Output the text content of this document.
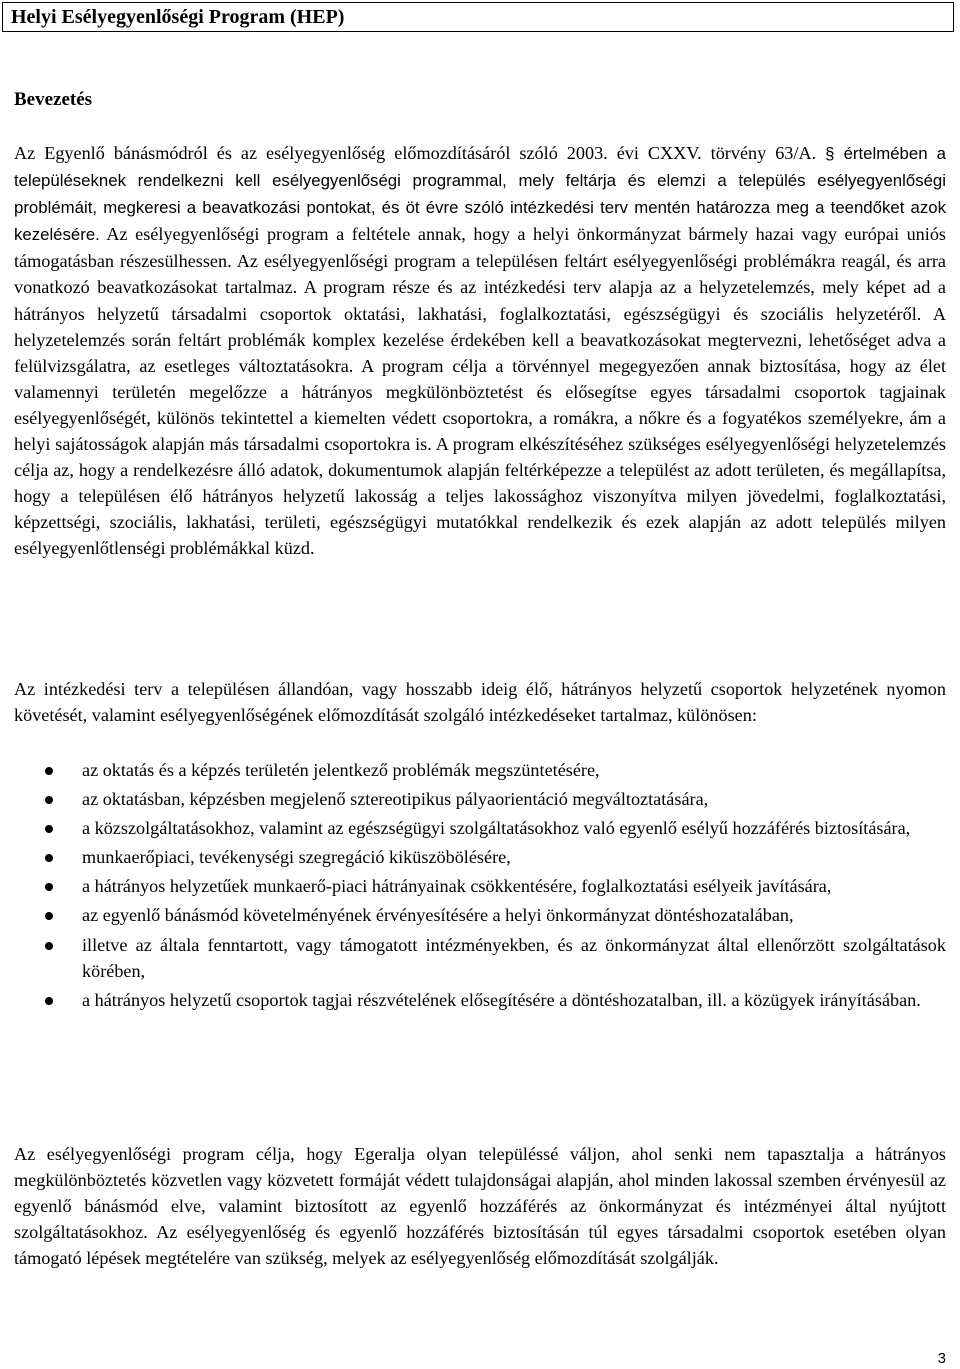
Helyi Esélyegyenlőségi Program (HEP)
Bevezetés
Az Egyenlő bánásmódról és az esélyegyenlőség előmozdításáról szóló 2003. évi CXXV. törvény 63/A. § értelmében a településeknek rendelkezni kell esélyegyenlőségi programmal, mely feltárja és elemzi a település esélyegyenlőségi problémáit, megkeresi a beavatkozási pontokat, és öt évre szóló intézkedési terv mentén határozza meg a teendőket azok kezelésére. Az esélyegyenlőségi program a feltétele annak, hogy a helyi önkormányzat bármely hazai vagy európai uniós támogatásban részesülhessen. Az esélyegyenlőségi program a településen feltárt esélyegyenlőségi problémákra reagál, és arra vonatkozó beavatkozásokat tartalmaz. A program része és az intézkedési terv alapja az a helyzetelemzés, mely képet ad a hátrányos helyzetű társadalmi csoportok oktatási, lakhatási, foglalkoztatási, egészségügyi és szociális helyzetéről. A helyzetelemzés során feltárt problémák komplex kezelése érdekében kell a beavatkozásokat megtervezni, lehetőséget adva a felülvizsgálatra, az esetleges változtatásokra. A program célja a törvénnyel megegyezően annak biztosítása, hogy az élet valamennyi területén megelőzze a hátrányos megkülönböztetést és elősegítse egyes társadalmi csoportok tagjainak esélyegyenlőségét, különös tekintettel a kiemelten védett csoportokra, a romákra, a nőkre és a fogyatékos személyekre, ám a helyi sajátosságok alapján más társadalmi csoportokra is. A program elkészítéséhez szükséges esélyegyenlőségi helyzetelemzés célja az, hogy a rendelkezésre álló adatok, dokumentumok alapján feltérképezze a települést az adott területen, és megállapítsa, hogy a településen élő hátrányos helyzetű lakosság a teljes lakossághoz viszonyítva milyen jövedelmi, foglalkoztatási, képzettségi, szociális, lakhatási, területi, egészségügyi mutatókkal rendelkezik és ezek alapján az adott település milyen esélyegyenlőtlenségi problémákkal küzd.
Az intézkedési terv a településen állandóan, vagy hosszabb ideig élő, hátrányos helyzetű csoportok helyzetének nyomon követését, valamint esélyegyenlőségének előmozdítását szolgáló intézkedéseket tartalmaz, különösen:
az oktatás és a képzés területén jelentkező problémák megszüntetésére,
az oktatásban, képzésben megjelenő sztereotipikus pályaorientáció megváltoztatására,
a közszolgáltatásokhoz, valamint az egészségügyi szolgáltatásokhoz való egyenlő esélyű hozzáférés biztosítására,
munkaerőpiaci, tevékenységi szegregáció kiküszöbölésére,
a hátrányos helyzetűek munkaerő-piaci hátrányainak csökkentésére, foglalkoztatási esélyeik javítására,
az egyenlő bánásmód követelményének érvényesítésére a helyi önkormányzat döntéshozatalában,
illetve az általa fenntartott, vagy támogatott intézményekben, és az önkormányzat által ellenőrzött szolgáltatások körében,
a hátrányos helyzetű csoportok tagjai részvételének elősegítésére a döntéshozatalban, ill. a közügyek irányításában.
Az esélyegyenlőségi program célja, hogy Egeralja olyan településsé váljon, ahol senki nem tapasztalja a hátrányos megkülönböztetés közvetlen vagy közvetett formáját védett tulajdonságai alapján, ahol minden lakossal szemben érvényesül az egyenlő bánásmód elve, valamint biztosított az egyenlő hozzáférés az önkormányzat és intézményei által nyújtott szolgáltatásokhoz. Az esélyegyenlőség és egyenlő hozzáférés biztosításán túl egyes társadalmi csoportok esetében olyan támogató lépések megtételére van szükség, melyek az esélyegyenlőség előmozdítását szolgálják.
3
